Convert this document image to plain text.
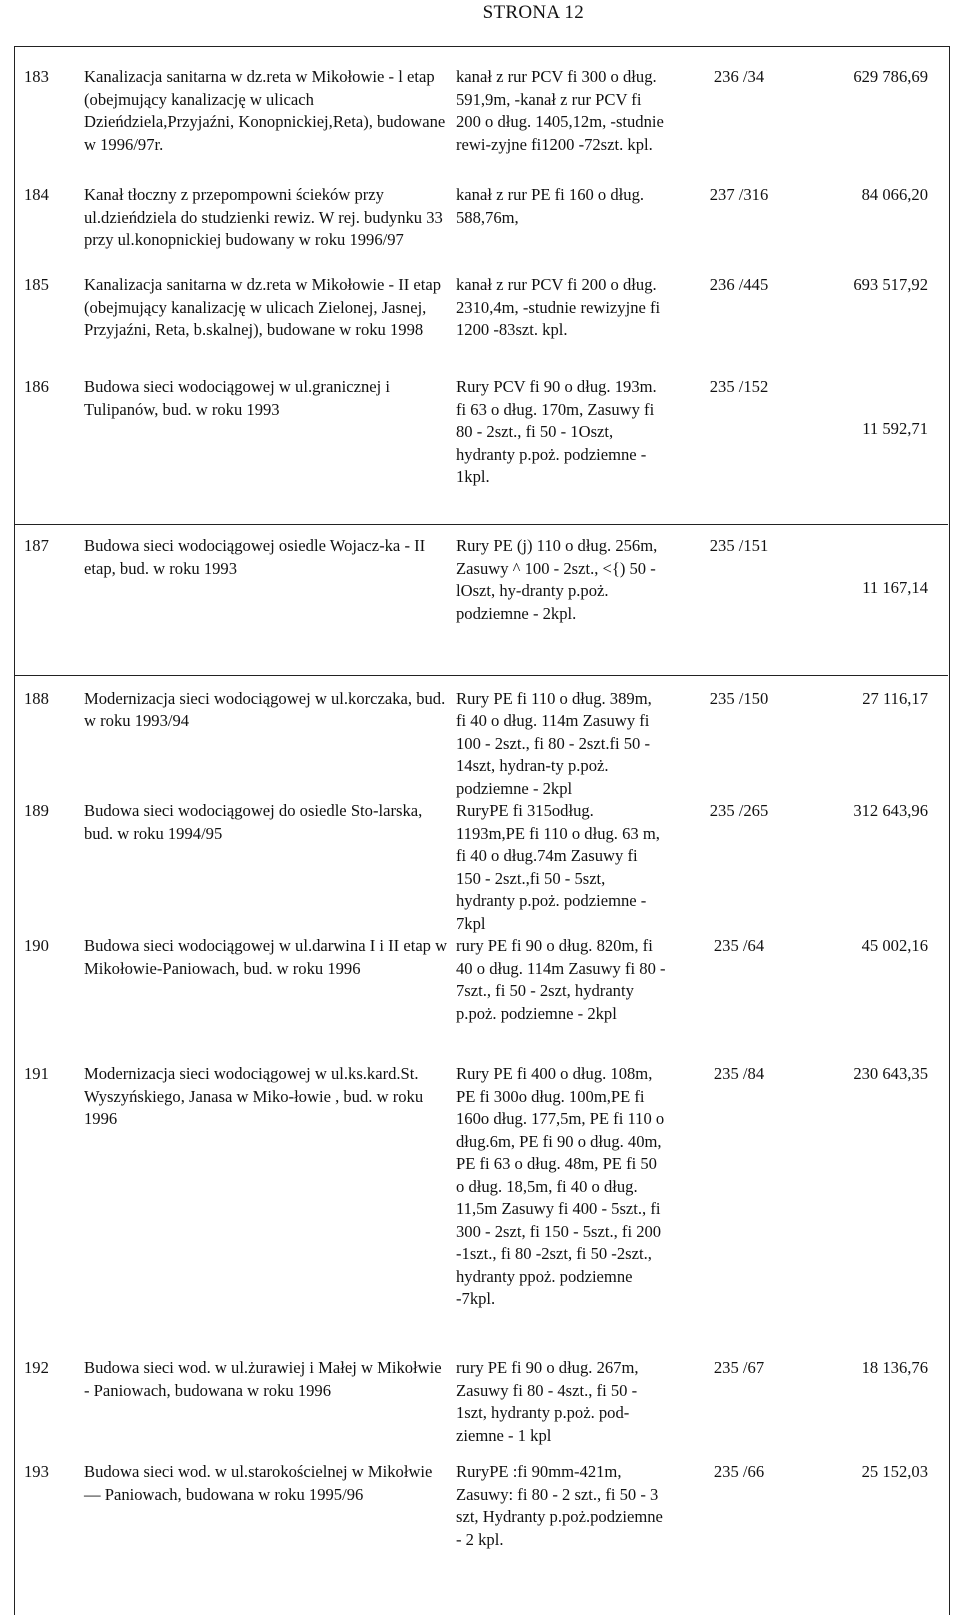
STRONA 12
183	Kanalizacja sanitarna w dz.reta w Mikołowie - l etap (obejmujący kanalizację w ulicach Dzieńdziela,Przyjaźni, Konopnickiej,Reta), budowane w 1996/97r.	kanał z rur PCV fi 300 o dług. 591,9m, -kanał z rur PCV fi 200 o dług. 1405,12m, -studnie rewi-zyjne fi1200 -72szt. kpl.	236 /34	629 786,69
184	Kanał tłoczny z przepompowni ścieków przy ul.dzieńdziela do studzienki rewiz. W rej. budynku 33 przy ul.konopnickiej budowany w roku 1996/97	kanał z rur PE fi 160 o dług. 588,76m,	237 /316	84 066,20
185	Kanalizacja sanitarna w dz.reta w Mikołowie - II etap (obejmujący kanalizację w ulicach Zielonej, Jasnej, Przyjaźni, Reta, b.skalnej), budowane w roku 1998	kanał z rur PCV fi 200 o dług. 2310,4m, -studnie rewizyjne fi 1200 -83szt. kpl.	236 /445	693 517,92
186	Budowa sieci wodociągowej w ul.granicznej i Tulipanów, bud. w roku 1993	Rury PCV fi 90 o dług. 193m. fi 63 o dług. 170m, Zasuwy fi 80 - 2szt., fi 50 - 1Oszt, hydranty p.poż. podziemne - 1kpl.	235 /152	11 592,71

187	Budowa sieci wodociągowej osiedle Wojacz-ka - II etap, bud. w roku 1993	Rury PE (j) 110 o dług. 256m, Zasuwy ^ 100 - 2szt., <{) 50 - lOszt, hy-dranty p.poż. podziemne - 2kpl.	235 /151	11 167,14

188	Modernizacja sieci wodociągowej w ul.korczaka, bud. w roku 1993/94	Rury PE fi 110 o dług. 389m, fi 40 o dług. 114m Zasuwy fi 100 - 2szt., fi 80 - 2szt.fi 50 - 14szt, hydran-ty p.poż. podziemne - 2kpl	235 /150	27 116,17
189	Budowa sieci wodociągowej do osiedle Sto-larska, bud. w roku 1994/95	RuryPE fi 315odług. 1193m,PE fi 110 o dług. 63 m, fi 40 o dług.74m Zasuwy fi 150 - 2szt.,fi 50 - 5szt, hydranty p.poż. podziemne - 7kpl	235 /265	312 643,96
190	Budowa sieci wodociągowej w ul.darwina I i II etap w Mikołowie-Paniowach, bud. w roku 1996	rury PE fi 90 o dług. 820m, fi 40 o dług. 114m Zasuwy fi 80 - 7szt., fi 50 - 2szt, hydranty p.poż. podziemne - 2kpl	235 /64	45 002,16
191	Modernizacja sieci wodociągowej w ul.ks.kard.St. Wyszyńskiego, Janasa w Miko-łowie , bud. w roku 1996	Rury PE fi 400 o dług. 108m, PE fi 300o dług. 100m,PE fi 160o dług. 177,5m, PE fi 110 o dług.6m, PE fi 90 o dług. 40m, PE fi 63 o dług. 48m, PE fi 50 o dług. 18,5m, fi 40 o dług. 11,5m Zasuwy fi 400 - 5szt., fi 300 - 2szt, fi 150 - 5szt., fi 200 -1szt., fi 80 -2szt, fi 50 -2szt., hydranty ppoż. podziemne -7kpl.	235 /84	230 643,35
192	Budowa sieci wod. w ul.żurawiej i Małej w Mikołwie - Paniowach, budowana w roku 1996	rury PE fi 90 o dług. 267m, Zasuwy fi 80 - 4szt., fi 50 - 1szt, hydranty p.poż. pod-ziemne - 1 kpl	235 /67	18 136,76
193	Budowa sieci wod. w ul.starokościelnej w Mikołwie — Paniowach, budowana w roku 1995/96	RuryPE :fi 90mm-421m, Zasuwy: fi 80 - 2 szt., fi 50 - 3 szt, Hydranty p.poż.podziemne - 2 kpl.	235 /66	25 152,03
